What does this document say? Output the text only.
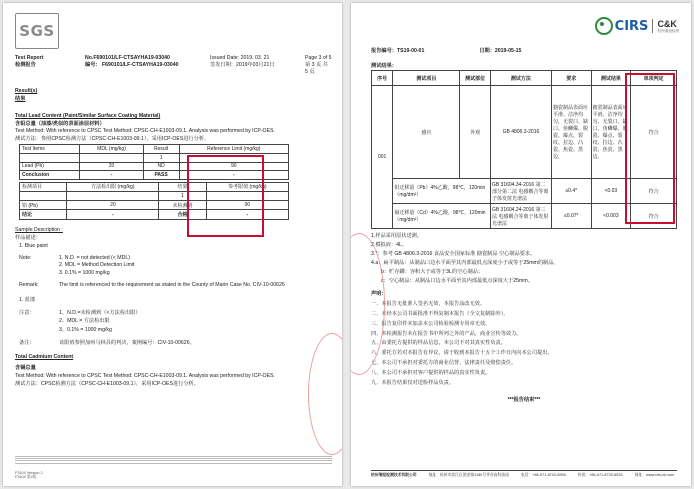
SGS
Test Report	No.F690101/LF-CTSAYHA19-03040	Issued Date: 2019. 03. 21	Page 3 of 5
检测报告	编号： F690101/LF-CTSAYHA19-03040	签发日期：2019年03月21日	第 3 页 共 5 页
Result(s)
结果
Total Lead Content (Paint/Similar Surface Coating Material)
含铅总量（油漆/类似的表面涂层材料）
Test Method: With reference to CPSC Test Method: CPSC-CH-E1003-09.1. Analysis was performed by ICP-OES.
测试方法：参照CPSC检测方法（CPSC-CH-E1003-09.1），采用ICP-OES进行分析。
Test Items	MDL (mg/kg)	Result	Reference Limit (mg/kg)
		1	
Lead (Pb)	20	ND	90
Conclusion	-	PASS	-
检测项目	方法检出限 (mg/kg)	结果	参考限值 (mg/kg)
		1	
铅 (Pb)	20	未检测到	90
结论	-	合格	-
Sample Description :
样品描述：
1. Blue paint
Note:	1. N.D. = not detected (< MDL)
2. MDL = Method Detection Limit
3. 0.1% = 1000 mg/kg
Remark:	The limit is referenced to the requirement as stated in the County of Marin Case No. CIV-10-00626
1. 蓝漆
注意：	1、N.D.=未检测到（<方法检出限）
2、MDL = 方法检出限
3、0.1% = 1000 mg/kg
备注：	该限值参照加州马林县的判决，案例编号：CIV-10-00626。
Total Cadmium Content
含镉总量
Test Method: With reference to CPSC Test Method: CPSC-CH-E1003-09.1. Analysis was performed by ICP-OES.
测试方法：CPSC检测方法（CPSC-CH-E1003-09.1），采用ICP-OES进行分析。
F3104 Version 2
F3104 第2版
CIRS C&K
杭州瑞旭检测
报告编号：TS19-00-01	日期：2019-05-15
测试结果：
序号	测试项目	测试部位	测试方法	要求	测试结果	单项判定
001	感官	外观	GB 4806.3-2016	搪瓷制品表面应平滑、洁净均匀，无裂口、缺口、鱼鳞爆、脱瓷、爆点、裂纹、拉边、凸瓷、焦瓷、黑边，	搪瓷制品表面应平滑、洁净均匀，无裂口、缺口、鱼鳞爆、脱瓷、爆点、裂纹、拉边、凸瓷、焦瓷、黑边，	符合
	铅迁移量（Pb）4%乙酸，98℃，120min（mg/dm²）		GB 31604.34-2016 第二部分第二法 电感耦合等离子体发射光谱法	≤0.4*	<0.03	符合
	镉迁移量（Cd）4%乙酸，98℃，120min（mg/dm²）		GB 31604.24-2016 第三法 电感耦合等离子体发射光谱法	≤0.07*	<0.003	符合
1.样品采用原状送测。
2.模拟液：4L。
3.*：参考 GB 4806.3-2016 食品安全国家标准 搪瓷制品 空心制品要求。
4.a：扁平制品：从制品口边水平面至其内部最低点深度小于或等于25mm的制品。
b：贮存罐：容积大于或等于3L的空心制品；
c：空心制品：从制品口边水平面至其内部最低点深度大于25mm。
声明：
一、本报告无批准人签名无效，本报告涂改无效。
二、未经本公司书面批准不得复制本报告（全文复制除外）。
三、报告复印件未加盖本公司检验检测专用章无效。
四、本检测报告未在报告书中所列之外的产品，商业宣传等效力。
五、由委托方提供的样品信息，本公司不对其真实性负责。
六、委托方若对本报告有异议，请于收到本报告十五个工作日内向本公司提出。
七、本公司不承担对委托方的商业信誉、法律责任及赔偿责任。
八、本公司不承担对客户提供的样品的真实性负责。
九、本报告结果仅对送检样品负责。
***报告结束***
杭州瑞旭检测技术有限公司	地址：杭州市滨江区滨安路1180号华业高科技园	电话：+86-571-8720-6555	传真：+86-571-8720-6533	网址：www.cirs-ck.com
